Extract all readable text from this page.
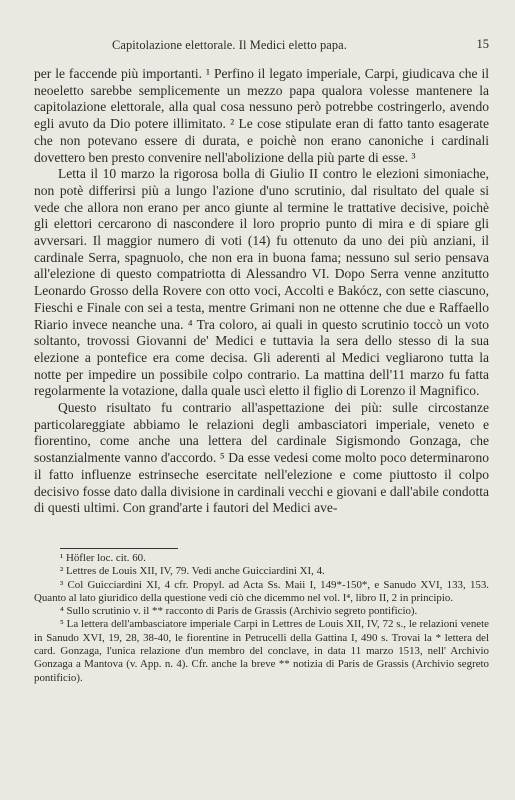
Capitolazione elettorale. Il Medici eletto papa.	15

per le faccende più importanti. ¹ Perfino il legato imperiale, Carpi, giudicava che il neoeletto sarebbe semplicemente un mezzo papa qualora volesse mantenere la capitolazione elettorale, alla qual cosa nessuno però potrebbe costringerlo, avendo egli avuto da Dio potere illimitato. ² Le cose stipulate eran di fatto tanto esagerate che non potevano essere di durata, e poichè non erano canoniche i cardinali dovettero ben presto convenire nell'abolizione della più parte di esse. ³

Letta il 10 marzo la rigorosa bolla di Giulio II contro le elezioni simoniache, non potè differirsi più a lungo l'azione d'uno scrutinio, dal risultato del quale si vede che allora non erano per anco giunte al termine le trattative decisive, poichè gli elettori cercarono di nascondere il loro proprio punto di mira e di spiare gli avversari. Il maggior numero di voti (14) fu ottenuto da uno dei più anziani, il cardinale Serra, spagnuolo, che non era in buona fama; nessuno sul serio pensava all'elezione di questo compatriotta di Alessandro VI. Dopo Serra venne anzitutto Leonardo Grosso della Rovere con otto voci, Accolti e Bakócz, con sette ciascuno, Fieschi e Finale con sei a testa, mentre Grimani non ne ottenne che due e Raffaello Riario invece neanche una. ⁴ Tra coloro, ai quali in questo scrutinio toccò un voto soltanto, trovossi Giovanni de' Medici e tuttavia la sera dello stesso di la sua elezione a pontefice era come decisa. Gli aderenti al Medici vegliarono tutta la notte per impedire un possibile colpo contrario. La mattina dell'11 marzo fu fatta regolarmente la votazione, dalla quale uscì eletto il figlio di Lorenzo il Magnifico.

Questo risultato fu contrario all'aspettazione dei più: sulle circostanze particolareggiate abbiamo le relazioni degli ambasciatori imperiale, veneto e fiorentino, come anche una lettera del cardinale Sigismondo Gonzaga, che sostanzialmente vanno d'accordo. ⁵ Da esse vedesi come molto poco determinarono il fatto influenze estrinseche esercitate nell'elezione e come piuttosto il colpo decisivo fosse dato dalla divisione in cardinali vecchi e giovani e dall'abile condotta di questi ultimi. Con grand'arte i fautori del Medici ave-

¹ Höfler loc. cit. 60.
² Lettres de Louis XII, IV, 79. Vedi anche Guicciardini XI, 4.
³ Col Guicciardini XI, 4 cfr. Propyl. ad Acta Ss. Maii I, 149*-150*, e Sanudo XVI, 133, 153. Quanto al lato giuridico della questione vedi ciò che dicemmo nel vol. I⁴, libro II, 2 in principio.
⁴ Sullo scrutinio v. il ** racconto di Paris de Grassis (Archivio segreto pontificio).
⁵ La lettera dell'ambasciatore imperiale Carpi in Lettres de Louis XII, IV, 72 s., le relazioni venete in Sanudo XVI, 19, 28, 38-40, le fiorentine in Petrucelli della Gattina I, 490 s. Trovai la * lettera del card. Gonzaga, l'unica relazione d'un membro del conclave, in data 11 marzo 1513, nell' Archivio Gonzaga a Mantova (v. App. n. 4). Cfr. anche la breve ** notizia di Paris de Grassis (Archivio segreto pontificio).
